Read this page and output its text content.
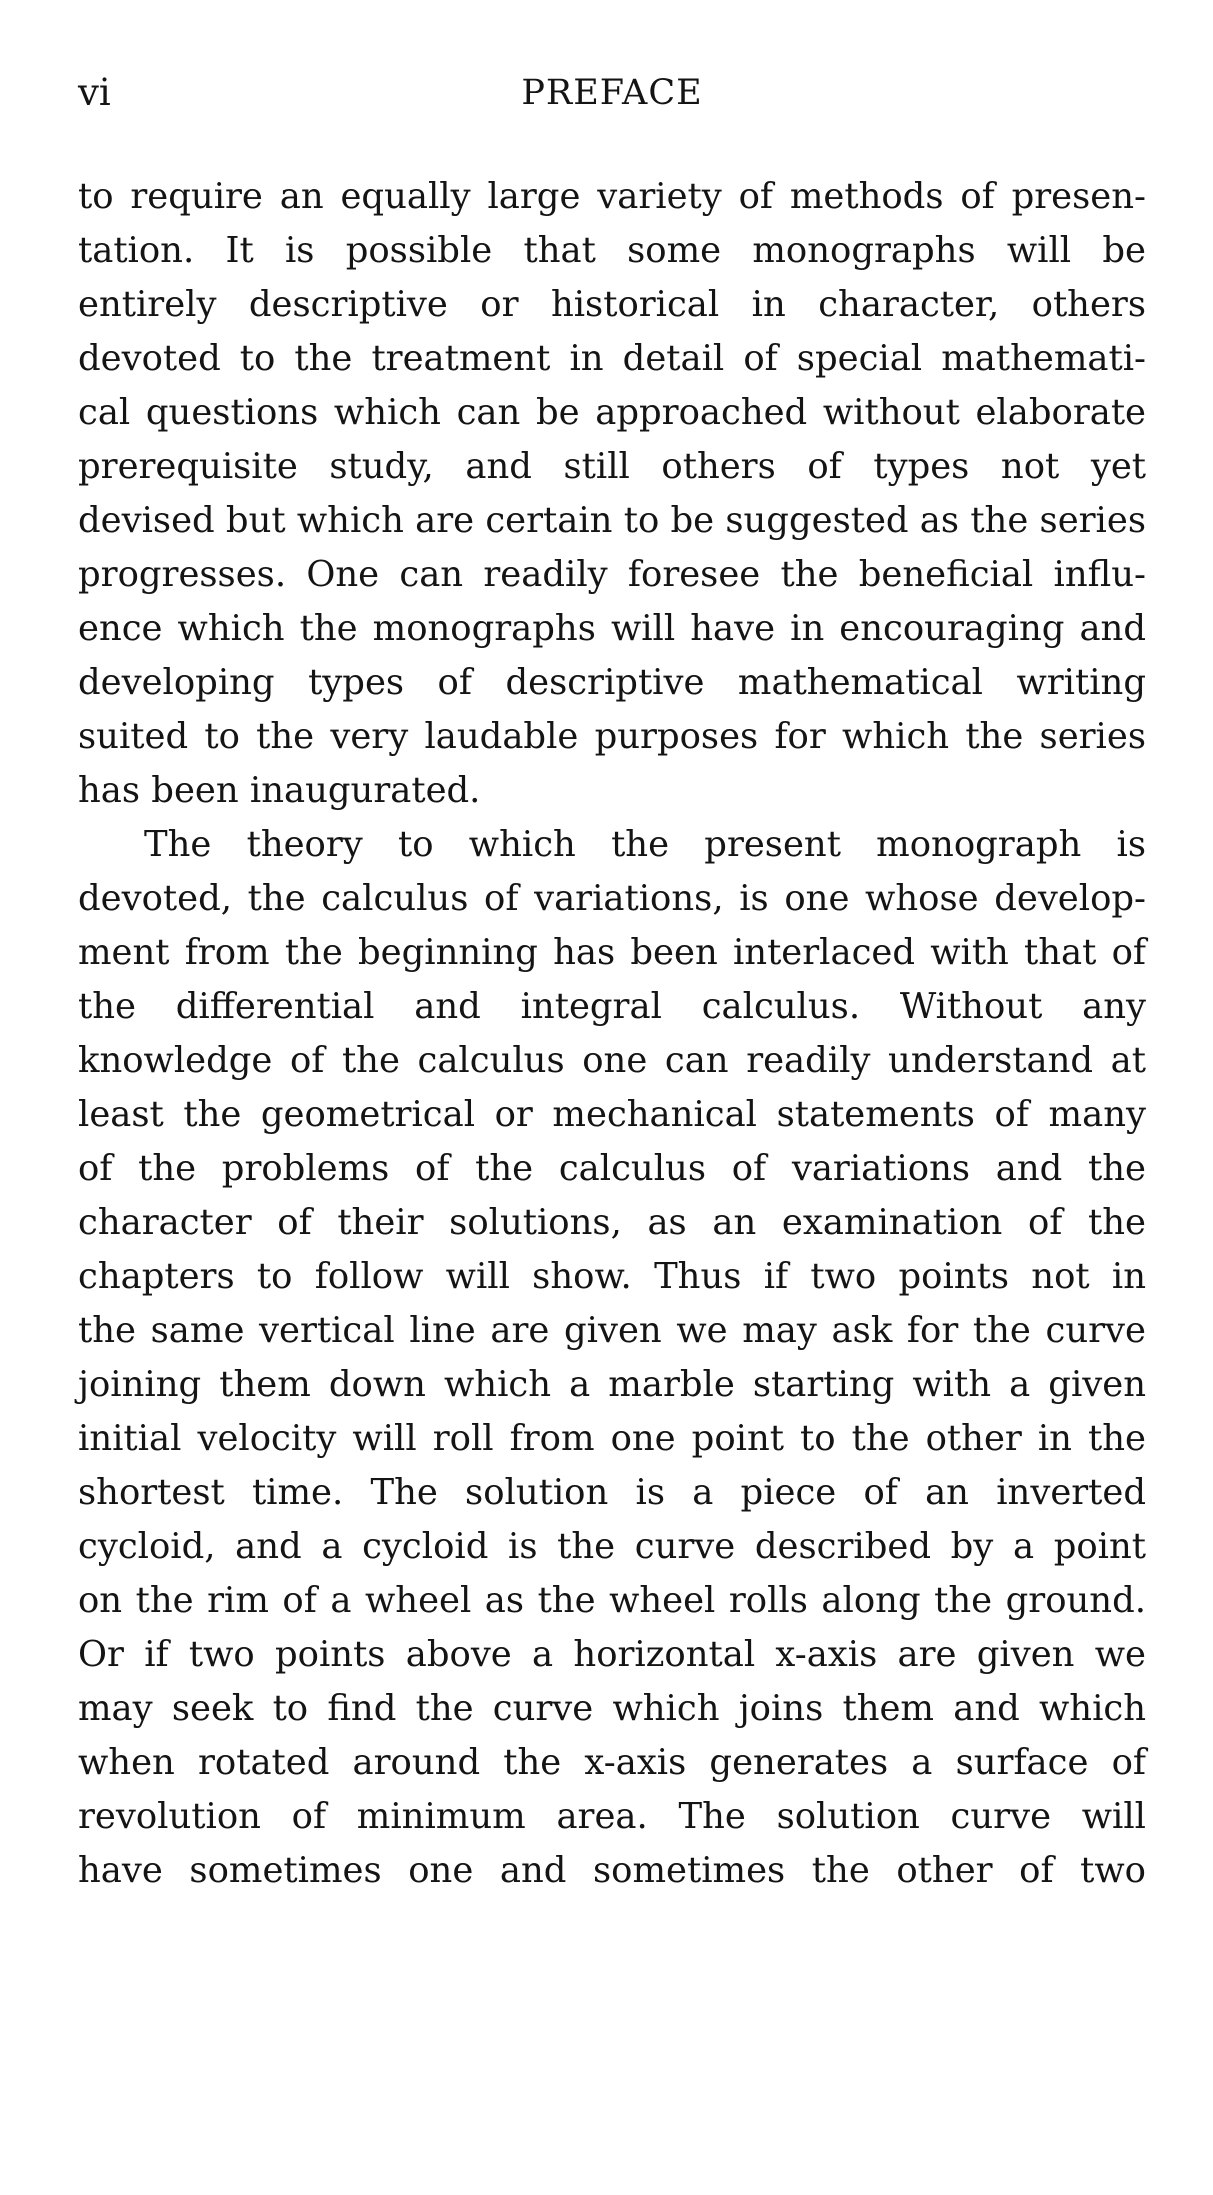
vi	PREFACE
to require an equally large variety of methods of presen-
tation. It is possible that some monographs will be
entirely descriptive or historical in character, others
devoted to the treatment in detail of special mathemati-
cal questions which can be approached without elaborate
prerequisite study, and still others of types not yet
devised but which are certain to be suggested as the series
progresses. One can readily foresee the beneficial influ-
ence which the monographs will have in encouraging and
developing types of descriptive mathematical writing
suited to the very laudable purposes for which the series
has been inaugurated.
The theory to which the present monograph is
devoted, the calculus of variations, is one whose develop-
ment from the beginning has been interlaced with that of
the differential and integral calculus. Without any
knowledge of the calculus one can readily understand at
least the geometrical or mechanical statements of many
of the problems of the calculus of variations and the
character of their solutions, as an examination of the
chapters to follow will show. Thus if two points not in
the same vertical line are given we may ask for the curve
joining them down which a marble starting with a given
initial velocity will roll from one point to the other in the
shortest time. The solution is a piece of an inverted
cycloid, and a cycloid is the curve described by a point
on the rim of a wheel as the wheel rolls along the ground.
Or if two points above a horizontal x-axis are given we
may seek to find the curve which joins them and which
when rotated around the x-axis generates a surface of
revolution of minimum area. The solution curve will
have sometimes one and sometimes the other of two
